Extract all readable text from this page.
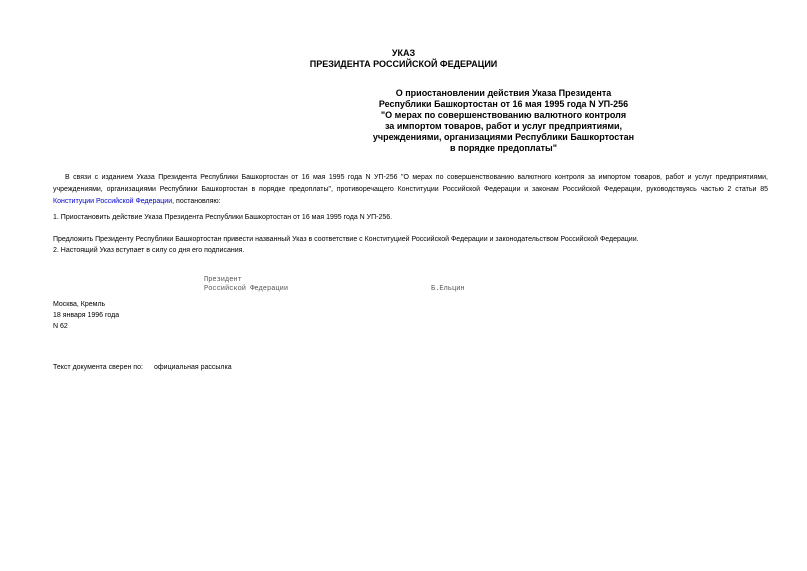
УКАЗ
ПРЕЗИДЕНТА РОССИЙСКОЙ ФЕДЕРАЦИИ
О приостановлении действия Указа Президента
Республики Башкортостан от 16 мая 1995 года N УП-256
"О мерах по совершенствованию валютного контроля
за импортом товаров, работ и услуг предприятиями,
учреждениями, организациями Республики Башкортостан
в порядке предоплаты"
В связи с изданием Указа Президента Республики Башкортостан от 16 мая 1995 года N УП-256 "О мерах по совершенствованию валютного контроля за импортом товаров, работ и услуг предприятиями, учреждениями, организациями Республики Башкортостан в порядке предоплаты", противоречащего Конституции Российской Федерации и законам Российской Федерации, руководствуясь частью 2 статьи 85 Конституции Российской Федерации, постановляю:
1. Приостановить действие Указа Президента Республики Башкортостан от 16 мая 1995 года N УП-256.
Предложить Президенту Республики Башкортостан привести названный Указ в соответствие с Конституцией Российской Федерации и законодательством Российской Федерации.
2. Настоящий Указ вступает в силу со дня его подписания.
Президент
Российской Федерации	Б.Ельцин
Москва, Кремль
18 января 1996 года
N 62
Текст документа сверен по: официальная рассылка
